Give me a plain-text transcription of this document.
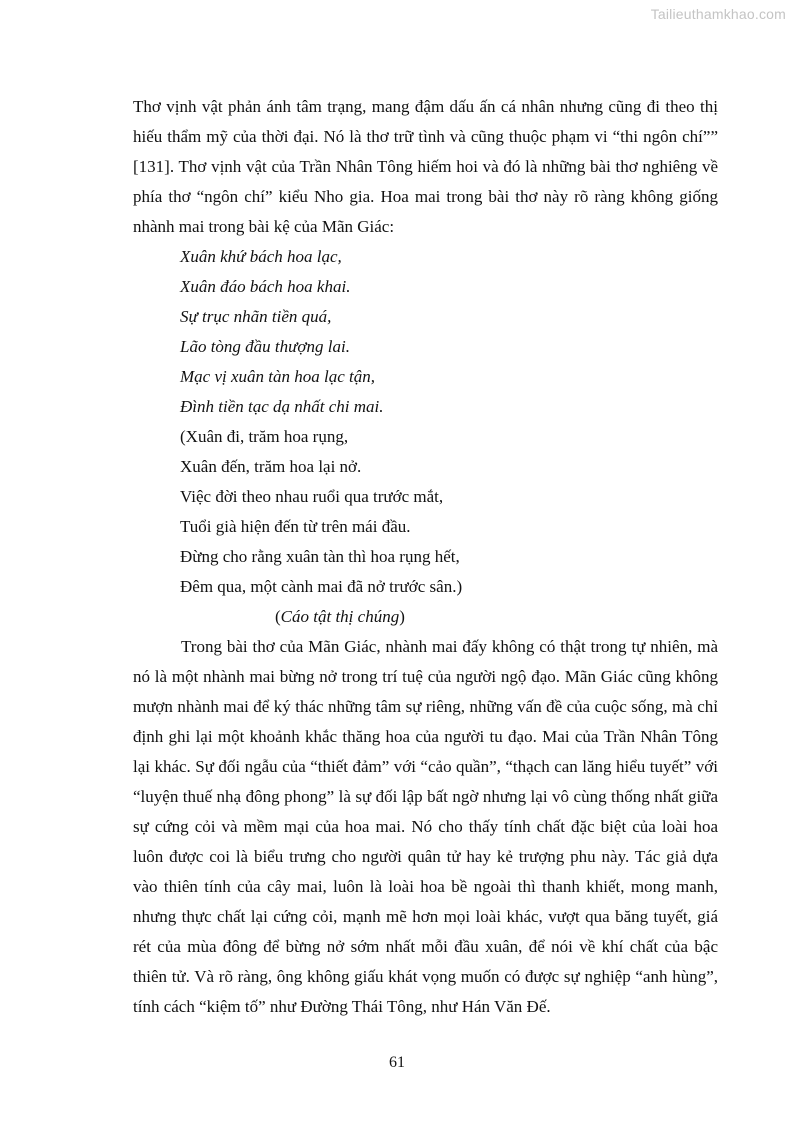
Tailieuthamkhao.com

Thơ vịnh vật phản ánh tâm trạng, mang đậm dấu ấn cá nhân nhưng cũng đi theo thị hiếu thẩm mỹ của thời đại. Nó là thơ trữ tình và cũng thuộc phạm vi “thi ngôn chí”” [131]. Thơ vịnh vật của Trần Nhân Tông hiếm hoi và đó là những bài thơ nghiêng về phía thơ “ngôn chí” kiểu Nho gia. Hoa mai trong bài thơ này rõ ràng không giống nhành mai trong bài kệ của Mãn Giác:

Xuân khứ bách hoa lạc,
Xuân đáo bách hoa khai.
Sự trục nhãn tiền quá,
Lão tòng đầu thượng lai.
Mạc vị xuân tàn hoa lạc tận,
Đình tiền tạc dạ nhất chi mai.
(Xuân đi, trăm hoa rụng,
Xuân đến, trăm hoa lại nở.
Việc đời theo nhau ruổi qua trước mắt,
Tuổi già hiện đến từ trên mái đầu.
Đừng cho rằng xuân tàn thì hoa rụng hết,
Đêm qua, một cành mai đã nở trước sân.)
(Cáo tật thị chúng)

Trong bài thơ của Mãn Giác, nhành mai đấy không có thật trong tự nhiên, mà nó là một nhành mai bừng nở trong trí tuệ của người ngộ đạo. Mãn Giác cũng không mượn nhành mai để ký thác những tâm sự riêng, những vấn đề của cuộc sống, mà chỉ định ghi lại một khoảnh khắc thăng hoa của người tu đạo. Mai của Trần Nhân Tông lại khác. Sự đối ngẫu của “thiết đảm” với “cảo quần”, “thạch can lăng hiểu tuyết” với “luyện thuế nhạ đông phong” là sự đối lập bất ngờ nhưng lại vô cùng thống nhất giữa sự cứng cỏi và mềm mại của hoa mai. Nó cho thấy tính chất đặc biệt của loài hoa luôn được coi là biểu trưng cho người quân tử hay kẻ trượng phu này. Tác giả dựa vào thiên tính của cây mai, luôn là loài hoa bề ngoài thì thanh khiết, mong manh, nhưng thực chất lại cứng cỏi, mạnh mẽ hơn mọi loài khác, vượt qua băng tuyết, giá rét của mùa đông để bừng nở sớm nhất mỗi đầu xuân, để nói về khí chất của bậc thiên tử. Và rõ ràng, ông không giấu khát vọng muốn có được sự nghiệp “anh hùng”, tính cách “kiệm tố” như Đường Thái Tông, như Hán Văn Đế.

61
